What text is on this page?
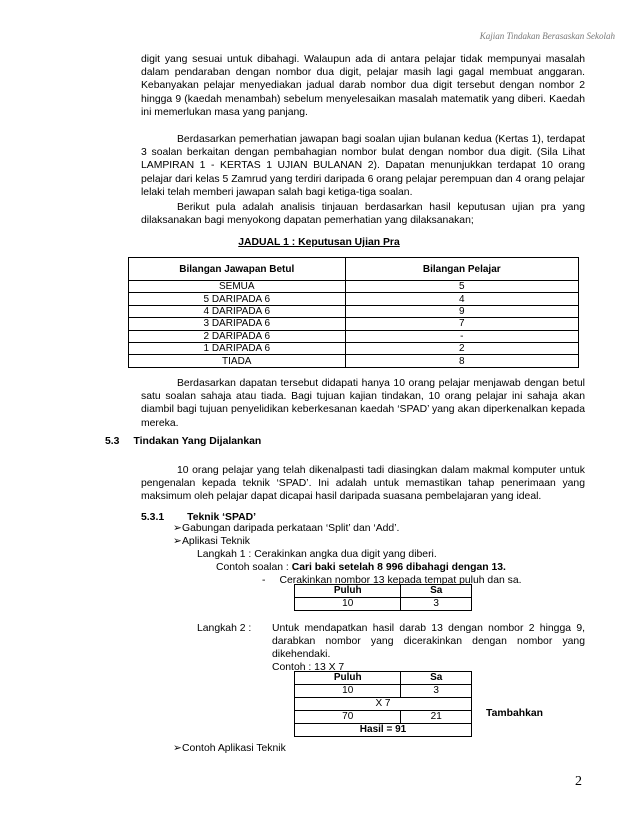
Kajian Tindakan Berasaskan Sekolah

digit yang sesuai untuk dibahagi. Walaupun ada di antara pelajar tidak mempunyai masalah dalam pendaraban dengan nombor dua digit, pelajar masih lagi gagal membuat anggaran. Kebanyakan pelajar menyediakan jadual darab nombor dua digit tersebut dengan nombor 2 hingga 9 (kaedah menambah) sebelum menyelesaikan masalah matematik yang diberi. Kaedah ini memerlukan masa yang panjang.

Berdasarkan pemerhatian jawapan bagi soalan ujian bulanan kedua (Kertas 1), terdapat 3 soalan berkaitan dengan pembahagian nombor bulat dengan nombor dua digit. (Sila Lihat LAMPIRAN 1 - KERTAS 1 UJIAN BULANAN 2). Dapatan menunjukkan terdapat 10 orang pelajar dari kelas 5 Zamrud yang terdiri daripada 6 orang pelajar perempuan dan 4 orang pelajar lelaki telah memberi jawapan salah bagi ketiga-tiga soalan.

Berikut pula adalah analisis tinjauan berdasarkan hasil keputusan ujian pra yang dilaksanakan bagi menyokong dapatan pemerhatian yang dilaksanakan;

JADUAL 1 : Keputusan Ujian Pra
Bilangan Jawapan Betul	Bilangan Pelajar
SEMUA	5
5 DARIPADA 6	4
4 DARIPADA 6	9
3 DARIPADA 6	7
2 DARIPADA 6	-
1 DARIPADA 6	2
TIADA	8

Berdasarkan dapatan tersebut didapati hanya 10 orang pelajar menjawab dengan betul satu soalan sahaja atau tiada. Bagi tujuan kajian tindakan, 10 orang pelajar ini sahaja akan diambil bagi tujuan penyelidikan keberkesanan kaedah ‘SPAD’ yang akan diperkenalkan kepada mereka.

5.3 Tindakan Yang Dijalankan

10 orang pelajar yang telah dikenalpasti tadi diasingkan dalam makmal komputer untuk pengenalan kepada teknik ‘SPAD’. Ini adalah untuk memastikan tahap penerimaan yang maksimum oleh pelajar dapat dicapai hasil daripada suasana pembelajaran yang ideal.

5.3.1 Teknik ‘SPAD’
➢Gabungan daripada perkataan ‘Split’ dan ‘Add’.
➢Aplikasi Teknik
Langkah 1 : Cerakinkan angka dua digit yang diberi.
Contoh soalan : Cari baki setelah 8 996 dibahagi dengan 13.
- Cerakinkan nombor 13 kepada tempat puluh dan sa.
Puluh	Sa
10	3
Langkah 2 : Untuk mendapatkan hasil darab 13 dengan nombor 2 hingga 9, darabkan nombor yang dicerakinkan dengan nombor yang dikehendaki.
Contoh : 13 X 7
Puluh	Sa
10	3
X 7	
70	21
Hasil = 91	
Tambahkan
➢Contoh Aplikasi Teknik
2
